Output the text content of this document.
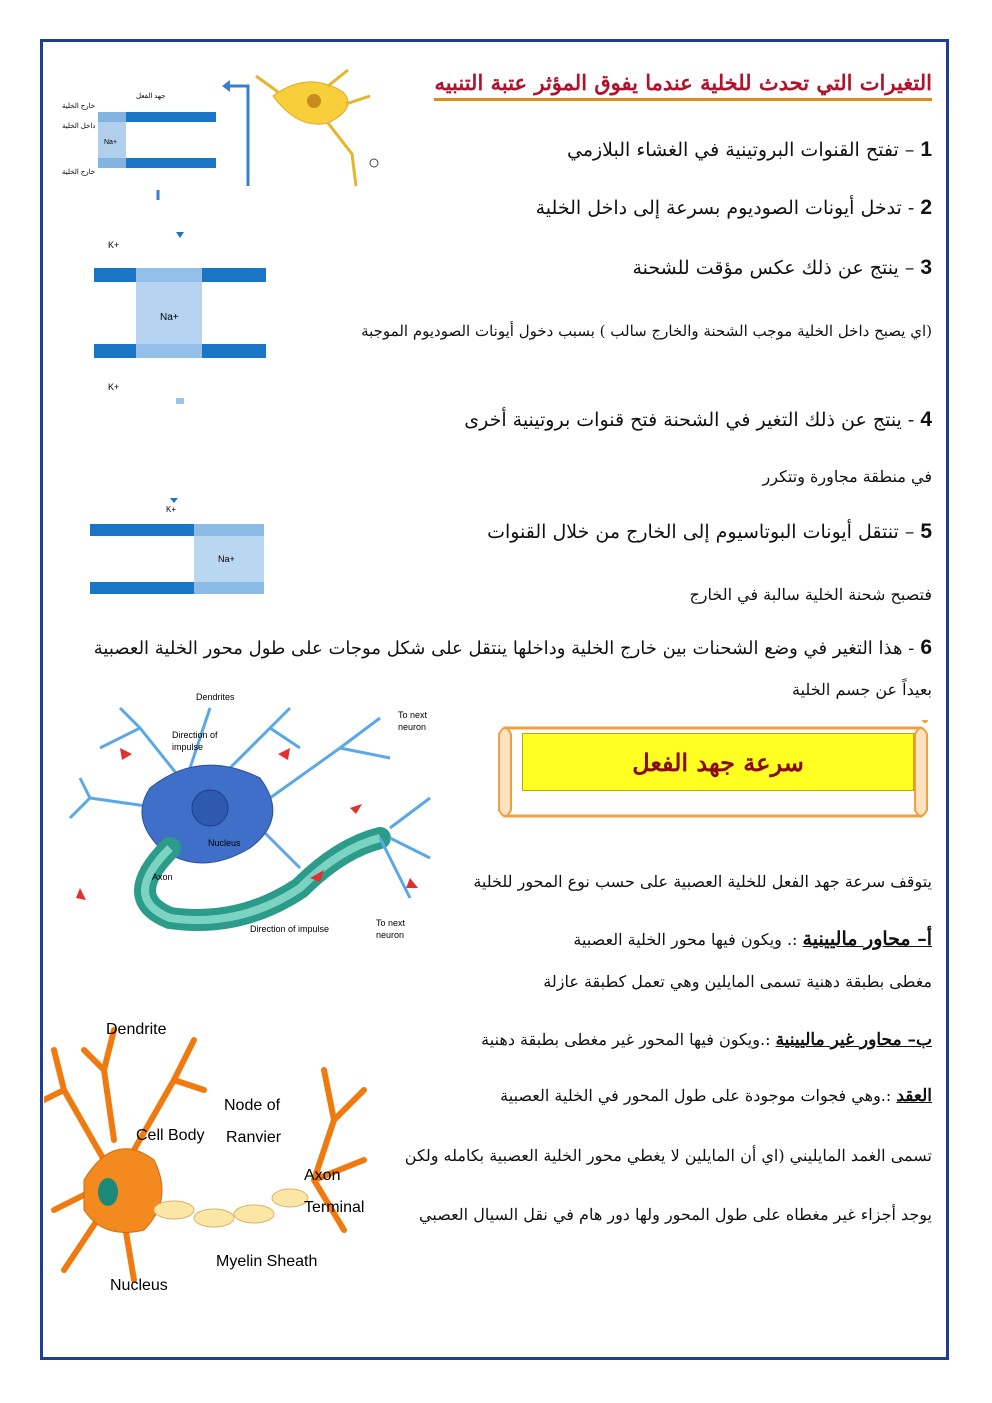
التغيرات التي تحدث للخلية عندما يفوق المؤثر عتبة التنبيه
1– تفتح القنوات البروتينية في الغشاء البلازمي
2- تدخل أيونات الصوديوم بسرعة إلى داخل الخلية
3– ينتج عن ذلك عكس مؤقت للشحنة
(اي يصبح داخل الخلية موجب الشحنة والخارج سالب ) بسبب دخول أيونات الصوديوم الموجبة
4- ينتج عن ذلك التغير في الشحنة فتح قنوات بروتينية أخرى
في منطقة مجاورة وتتكرر
5– تنتقل أيونات البوتاسيوم إلى الخارج من خلال القنوات
فتصبح شحنة الخلية سالبة في الخارج
6- هذا التغير في وضع الشحنات بين خارج الخلية وداخلها ينتقل على شكل موجات على طول محور الخلية العصبية
بعيداً عن جسم الخلية
سرعة جهد الفعل
يتوقف سرعة جهد الفعل للخلية العصبية على حسب نوع المحور للخلية
أ– محاور ماليينية :. ويكون فيها محور الخلية العصبية
مغطى بطبقة دهنية تسمى المايلين وهي تعمل كطبقة عازلة
ب– محاور غير ماليينية :.ويكون فيها المحور غير مغطى بطبقة دهنية
العقد :.وهي فجوات موجودة على طول المحور في الخلية العصبية
تسمى الغمد المايليني (اي أن المايلين لا يغطي محور الخلية العصبية بكامله ولكن
يوجد أجزاء غير مغطاه على طول المحور ولها دور هام في نقل السيال العصبي
جهد الفعل
خارج الخلية
داخل الخلية
خارج الخلية
Na+
K+
Na+
K+
K+
Na+
Dendrites
Direction of
impulse
Nucleus
Axon
Direction of impulse
To next
neuron
To next
neuron
Dendrite
Cell Body
Node of
Ranvier
Axon
Terminal
Myelin Sheath
Nucleus
